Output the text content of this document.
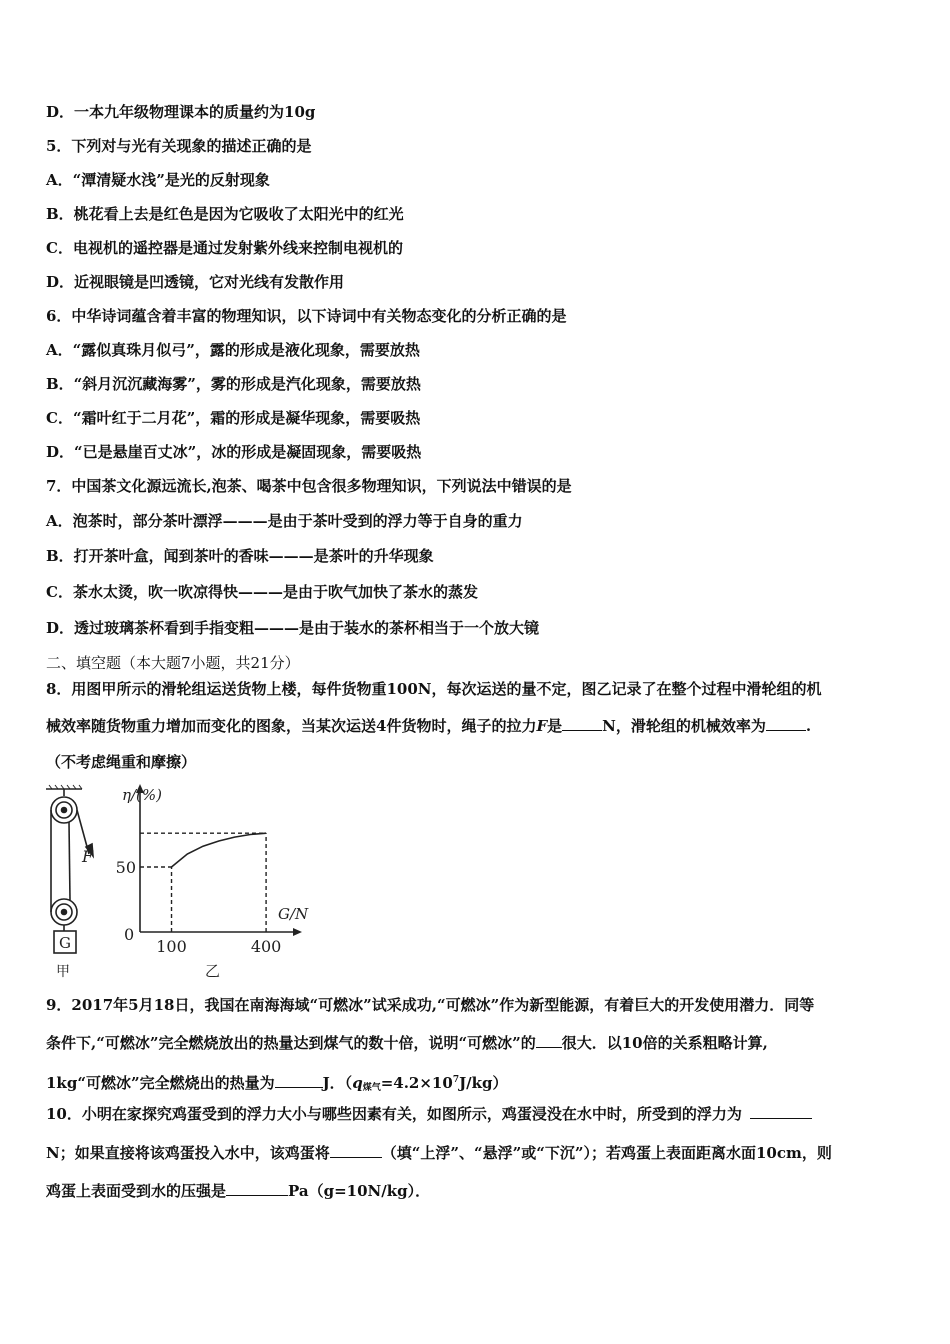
D．一本九年级物理课本的质量约为10g
5．下列对与光有关现象的描述正确的是
A．“潭清疑水浅”是光的反射现象
B．桃花看上去是红色是因为它吸收了太阳光中的红光
C．电视机的遥控器是通过发射紫外线来控制电视机的
D．近视眼镜是凹透镜，它对光线有发散作用
6．中华诗词蕴含着丰富的物理知识，以下诗词中有关物态变化的分析正确的是
A．“露似真珠月似弓”，露的形成是液化现象，需要放热
B．“斜月沉沉藏海雾”，雾的形成是汽化现象，需要放热
C．“霜叶红于二月花”，霜的形成是凝华现象，需要吸热
D．“已是悬崖百丈冰”，冰的形成是凝固现象，需要吸热
7．中国茶文化源远流长,泡茶、喝茶中包含很多物理知识，下列说法中错误的是
A．泡茶时，部分茶叶漂浮———是由于茶叶受到的浮力等于自身的重力
B．打开茶叶盒，闻到茶叶的香味———是茶叶的升华现象
C．茶水太烫，吹一吹凉得快———是由于吹气加快了茶水的蒸发
D．透过玻璃茶杯看到手指变粗———是由于装水的茶杯相当于一个放大镜
二、填空题（本大题7小题，共21分）
8．用图甲所示的滑轮组运送货物上楼，每件货物重100N，每次运送的量不定，图乙记录了在整个过程中滑轮组的机
械效率随货物重力增加而变化的图象，当某次运送4件货物时，绳子的拉力F是	N，滑轮组的机械效率为	.
（不考虑绳重和摩擦）
F
G
甲
η/(%)
G/N
0
100	400
50
乙
9．2017年5月18日，我国在南海海域“可燃冰”试采成功,“可燃冰”作为新型能源，有着巨大的开发使用潜力．同等
条件下,“可燃冰”完全燃烧放出的热量达到煤气的数十倍，说明“可燃冰”的 很大．以10倍的关系粗略计算,
1kg“可燃冰”完全燃烧出的热量为	J．$(q_{煤气}=4.2\times 10^7J/kg)$
10．小明在家探究鸡蛋受到的浮力大小与哪些因素有关，如图所示，鸡蛋浸没在水中时，所受到的浮力为
N；如果直接将该鸡蛋投入水中，该鸡蛋将	（填“上浮”、“悬浮”或“下沉”）；若鸡蛋上表面距离水面10cm，则
鸡蛋上表面受到水的压强是	Pa（g=10N/kg）．
